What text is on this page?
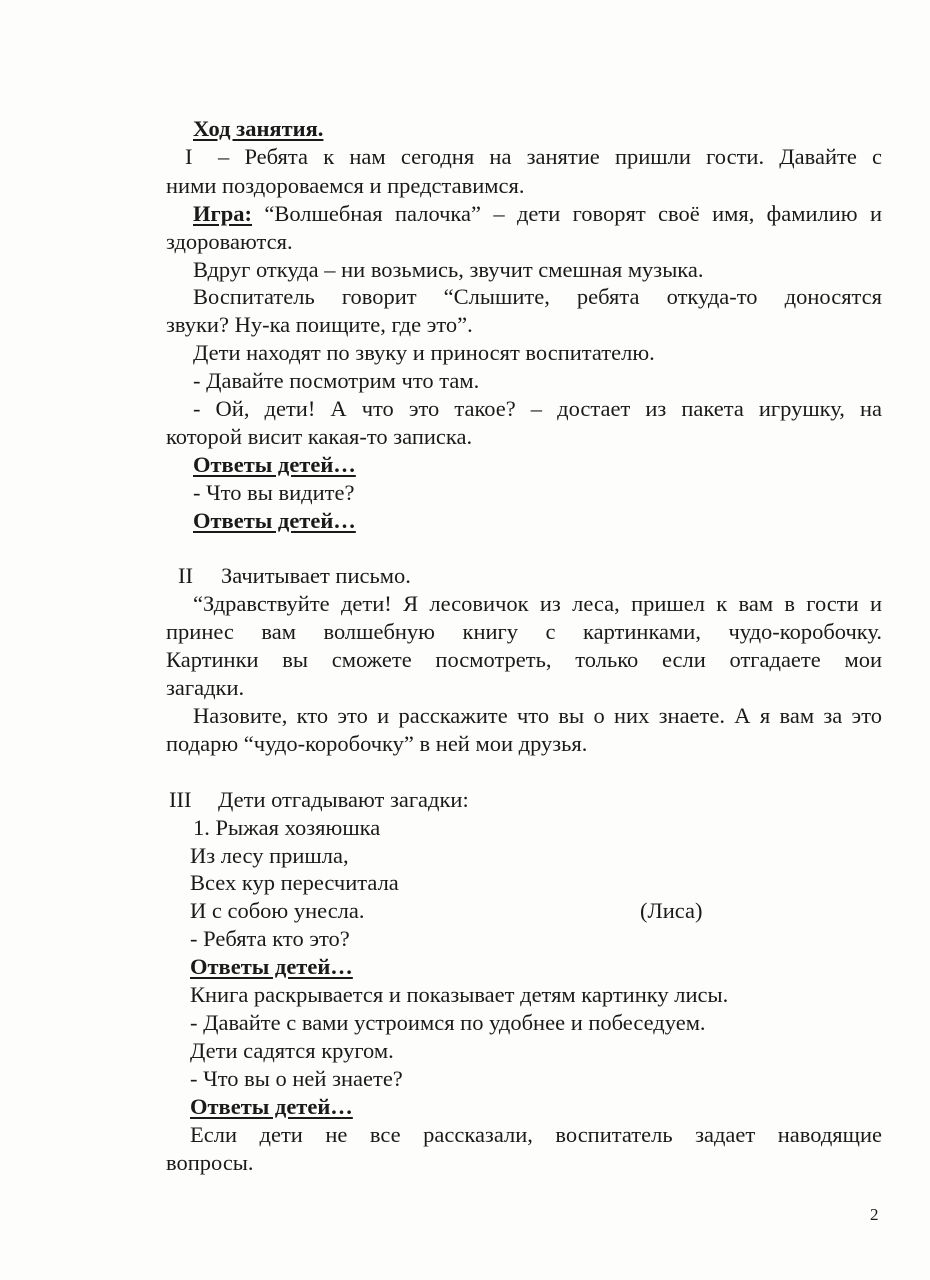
Ход занятия.
I – Ребята к нам сегодня на занятие пришли гости. Давайте с
ними поздороваемся и представимся.
Игра: “Волшебная палочка” – дети говорят своё имя, фамилию и
здороваются.
Вдруг откуда – ни возьмись, звучит смешная музыка.
Воспитатель говорит “Слышите, ребята откуда-то доносятся
звуки? Ну-ка поищите, где это”.
Дети находят по звуку и приносят воспитателю.
- Давайте посмотрим что там.
- Ой, дети! А что это такое? – достает из пакета игрушку, на
которой висит какая-то записка.
Ответы детей…
- Что вы видите?
Ответы детей…
II Зачитывает письмо.
“Здравствуйте дети! Я лесовичок из леса, пришел к вам в гости и
принес вам волшебную книгу с картинками, чудо-коробочку.
Картинки вы сможете посмотреть, только если отгадаете мои
загадки.
Назовите, кто это и расскажите что вы о них знаете. А я вам за это
подарю “чудо-коробочку” в ней мои друзья.
III Дети отгадывают загадки:
1. Рыжая хозяюшка
Из лесу пришла,
Всех кур пересчитала
И с собою унесла.	(Лиса)
- Ребята кто это?
Ответы детей…
Книга раскрывается и показывает детям картинку лисы.
- Давайте с вами устроимся по удобнее и побеседуем.
Дети садятся кругом.
- Что вы о ней знаете?
Ответы детей…
Если дети не все рассказали, воспитатель задает наводящие
вопросы.
2
